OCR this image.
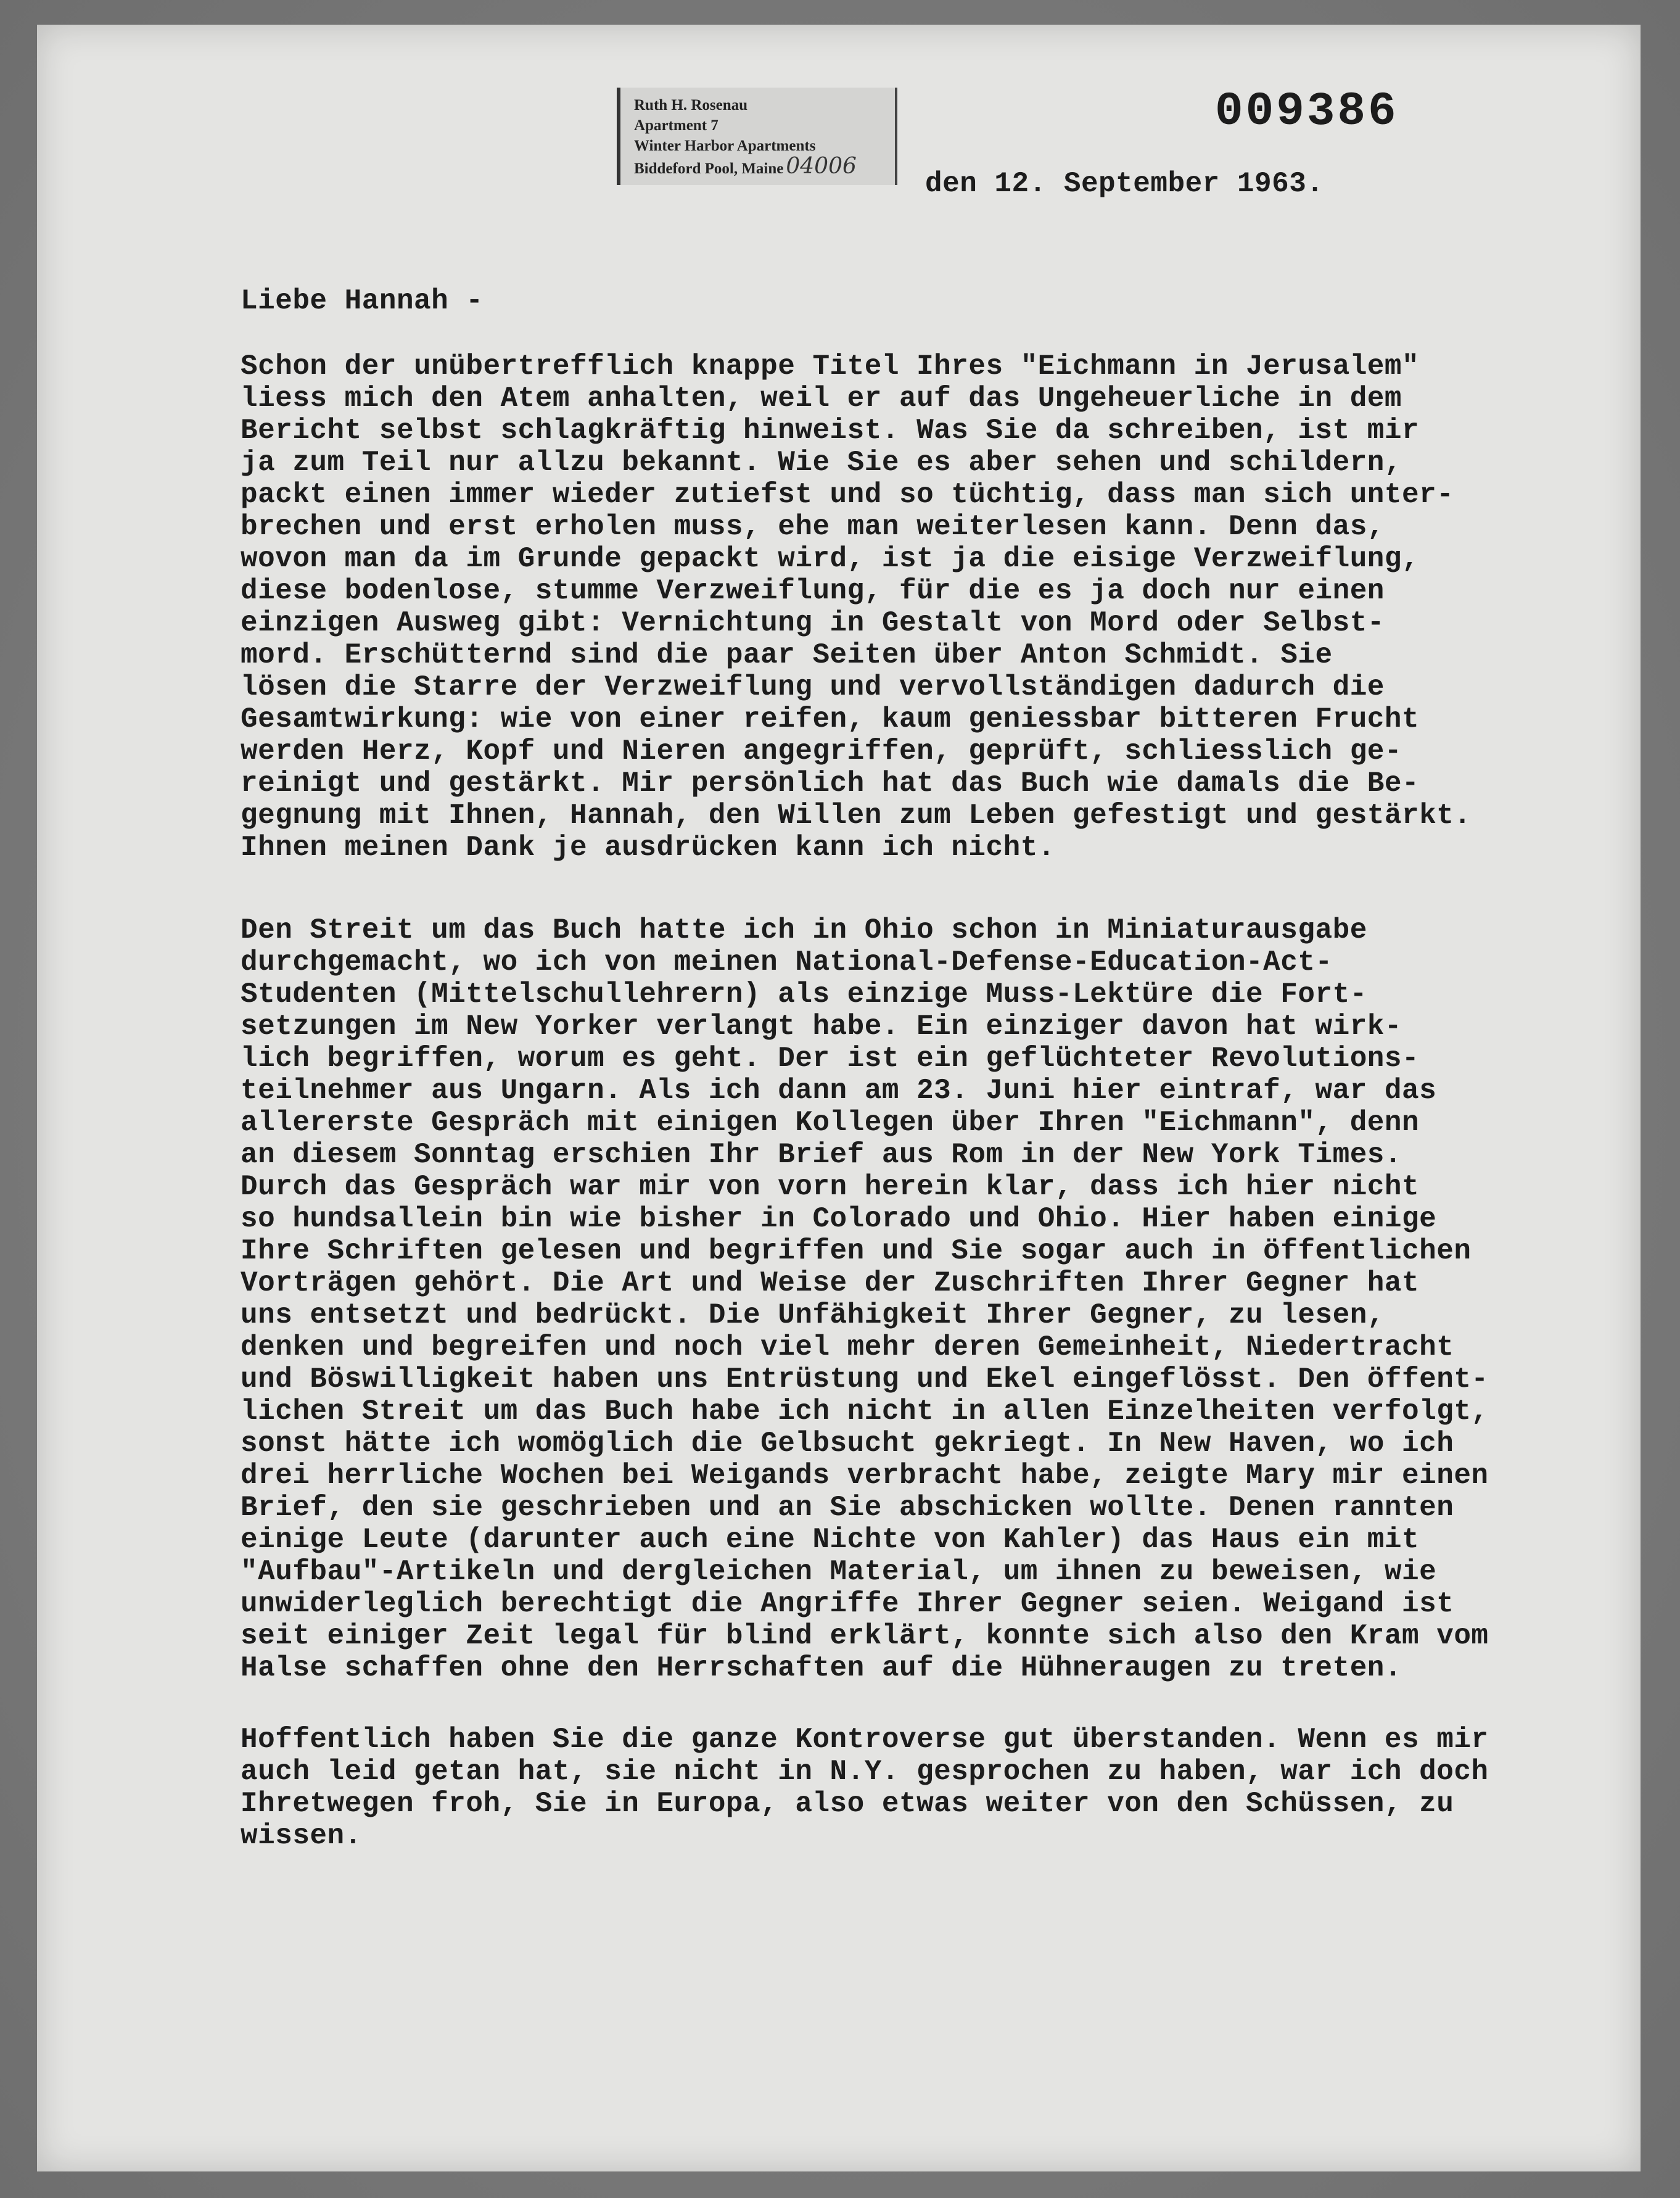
Ruth H. Rosenau
Apartment 7
Winter Harbor Apartments
Biddeford Pool, Maine 04006
009386
den 12. September 1963.
Liebe Hannah -
Schon der unübertrefflich knappe Titel Ihres "Eichmann in Jerusalem"
liess mich den Atem anhalten, weil er auf das Ungeheuerliche in dem
Bericht selbst schlagkräftig hinweist. Was Sie da schreiben, ist mir
ja zum Teil nur allzu bekannt. Wie Sie es aber sehen und schildern,
packt einen immer wieder zutiefst und so tüchtig, dass man sich unter-
brechen und erst erholen muss, ehe man weiterlesen kann. Denn das,
wovon man da im Grunde gepackt wird, ist ja die eisige Verzweiflung,
diese bodenlose, stumme Verzweiflung, für die es ja doch nur einen
einzigen Ausweg gibt: Vernichtung in Gestalt von Mord oder Selbst-
mord. Erschütternd sind die paar Seiten über Anton Schmidt. Sie
lösen die Starre der Verzweiflung und vervollständigen dadurch die
Gesamtwirkung: wie von einer reifen, kaum geniessbar bitteren Frucht
werden Herz, Kopf und Nieren angegriffen, geprüft, schliesslich ge-
reinigt und gestärkt. Mir persönlich hat das Buch wie damals die Be-
gegnung mit Ihnen, Hannah, den Willen zum Leben gefestigt und gestärkt.
Ihnen meinen Dank je ausdrücken kann ich nicht.
Den Streit um das Buch hatte ich in Ohio schon in Miniaturausgabe
durchgemacht, wo ich von meinen National-Defense-Education-Act-
Studenten (Mittelschullehrern) als einzige Muss-Lektüre die Fort-
setzungen im New Yorker verlangt habe. Ein einziger davon hat wirk-
lich begriffen, worum es geht. Der ist ein geflüchteter Revolutions-
teilnehmer aus Ungarn. Als ich dann am 23. Juni hier eintraf, war das
allererste Gespräch mit einigen Kollegen über Ihren "Eichmann", denn
an diesem Sonntag erschien Ihr Brief aus Rom in der New York Times.
Durch das Gespräch war mir von vorn herein klar, dass ich hier nicht
so hundsallein bin wie bisher in Colorado und Ohio. Hier haben einige
Ihre Schriften gelesen und begriffen und Sie sogar auch in öffentlichen
Vorträgen gehört. Die Art und Weise der Zuschriften Ihrer Gegner hat
uns entsetzt und bedrückt. Die Unfähigkeit Ihrer Gegner, zu lesen,
denken und begreifen und noch viel mehr deren Gemeinheit, Niedertracht
und Böswilligkeit haben uns Entrüstung und Ekel eingeflösst. Den öffent-
lichen Streit um das Buch habe ich nicht in allen Einzelheiten verfolgt,
sonst hätte ich womöglich die Gelbsucht gekriegt. In New Haven, wo ich
drei herrliche Wochen bei Weigands verbracht habe, zeigte Mary mir einen
Brief, den sie geschrieben und an Sie abschicken wollte. Denen rannten
einige Leute (darunter auch eine Nichte von Kahler) das Haus ein mit
"Aufbau"-Artikeln und dergleichen Material, um ihnen zu beweisen, wie
unwiderleglich berechtigt die Angriffe Ihrer Gegner seien. Weigand ist
seit einiger Zeit legal für blind erklärt, konnte sich also den Kram vom
Halse schaffen ohne den Herrschaften auf die Hühneraugen zu treten.
Hoffentlich haben Sie die ganze Kontroverse gut überstanden. Wenn es mir
auch leid getan hat, sie nicht in N.Y. gesprochen zu haben, war ich doch
Ihretwegen froh, Sie in Europa, also etwas weiter von den Schüssen, zu
wissen.
